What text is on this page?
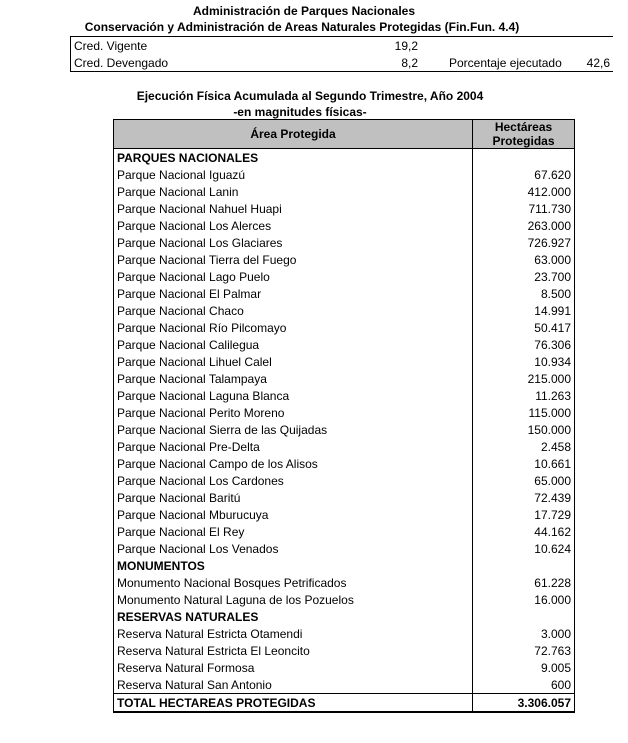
Administración de Parques Nacionales
Conservación y Administración de Areas Naturales Protegidas (Fin.Fun. 4.4)
Cred. Vigente	19,2		
Cred. Devengado	8,2	Porcentaje ejecutado	42,6
Ejecución Física Acumulada al Segundo Trimestre, Año 2004
-en magnitudes físicas-
Área Protegida	Hectáreas
Protegidas

PARQUES NACIONALES	
Parque Nacional Iguazú	67.620
Parque Nacional Lanin	412.000
Parque Nacional Nahuel Huapi	711.730
Parque Nacional Los Alerces	263.000
Parque Nacional Los Glaciares	726.927
Parque Nacional Tierra del Fuego	63.000
Parque Nacional Lago Puelo	23.700
Parque Nacional El Palmar	8.500
Parque Nacional Chaco	14.991
Parque Nacional Río Pilcomayo	50.417
Parque Nacional Calilegua	76.306
Parque Nacional Lihuel Calel	10.934
Parque Nacional Talampaya	215.000
Parque Nacional Laguna Blanca	11.263
Parque Nacional Perito Moreno	115.000
Parque Nacional Sierra de las Quijadas	150.000
Parque Nacional Pre-Delta	2.458
Parque Nacional Campo de los Alisos	10.661
Parque Nacional Los Cardones	65.000
Parque Nacional Baritú	72.439
Parque Nacional Mburucuya	17.729
Parque Nacional El Rey	44.162
Parque Nacional Los Venados	10.624
MONUMENTOS	
Monumento Nacional Bosques Petrificados	61.228
Monumento Natural Laguna de los Pozuelos	16.000
RESERVAS NATURALES	
Reserva Natural Estricta Otamendi	3.000
Reserva Natural Estricta El Leoncito	72.763
Reserva Natural Formosa	9.005
Reserva Natural San Antonio	600
TOTAL HECTAREAS PROTEGIDAS	3.306.057
